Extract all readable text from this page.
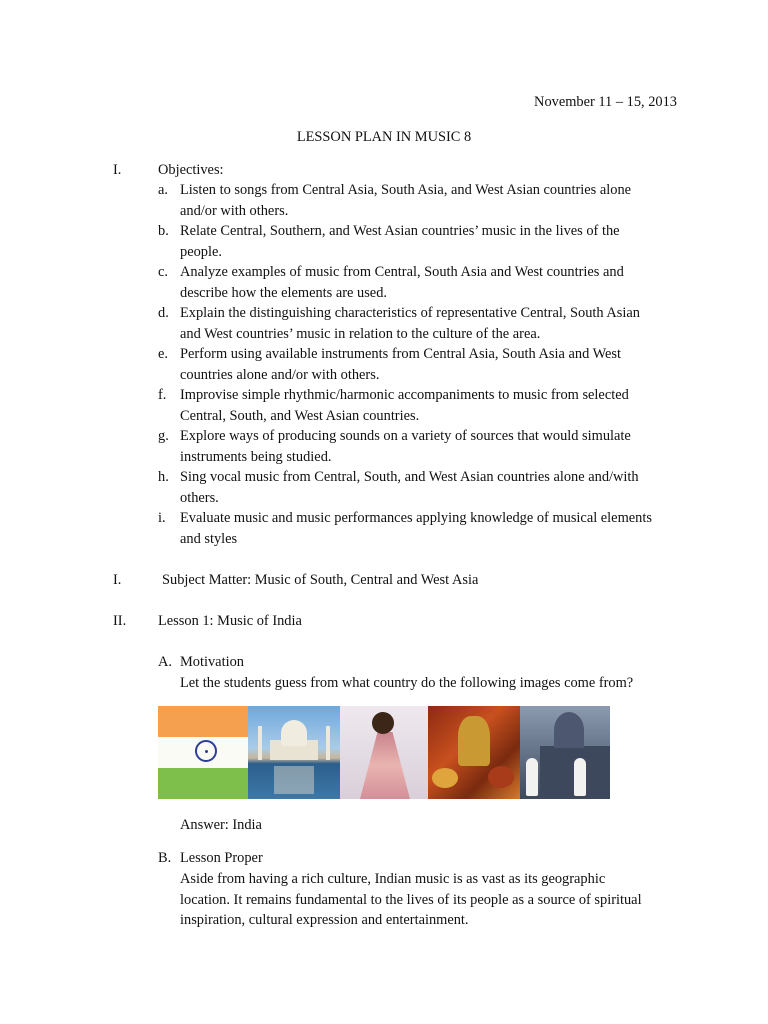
November 11 – 15, 2013
LESSON PLAN IN MUSIC 8
I.	Objectives:
a. Listen to songs from Central Asia, South Asia, and West Asian countries alone
and/or with others.
b. Relate Central, Southern, and West Asian countries’ music in the lives of the
people.
c. Analyze examples of music from Central, South Asia and West countries and
describe how the elements are used.
d. Explain the distinguishing characteristics of representative Central, South Asian
and West countries’ music in relation to the culture of the area.
e. Perform using available instruments from Central Asia, South Asia and West
countries alone and/or with others.
f. Improvise simple rhythmic/harmonic accompaniments to music from selected
Central, South, and West Asian countries.
g. Explore ways of producing sounds on a variety of sources that would simulate
instruments being studied.
h. Sing vocal music from Central, South, and West Asian countries alone and/with
others.
i. Evaluate music and music performances applying knowledge of musical elements
and styles
I.	Subject Matter: Music of South, Central and West Asia
II. Lesson 1: Music of India
A. Motivation
Let the students guess from what country do the following images come from?
Answer: India
B. Lesson Proper
Aside from having a rich culture, Indian music is as vast as its geographic
location. It remains fundamental to the lives of its people as a source of spiritual
inspiration, cultural expression and entertainment.
